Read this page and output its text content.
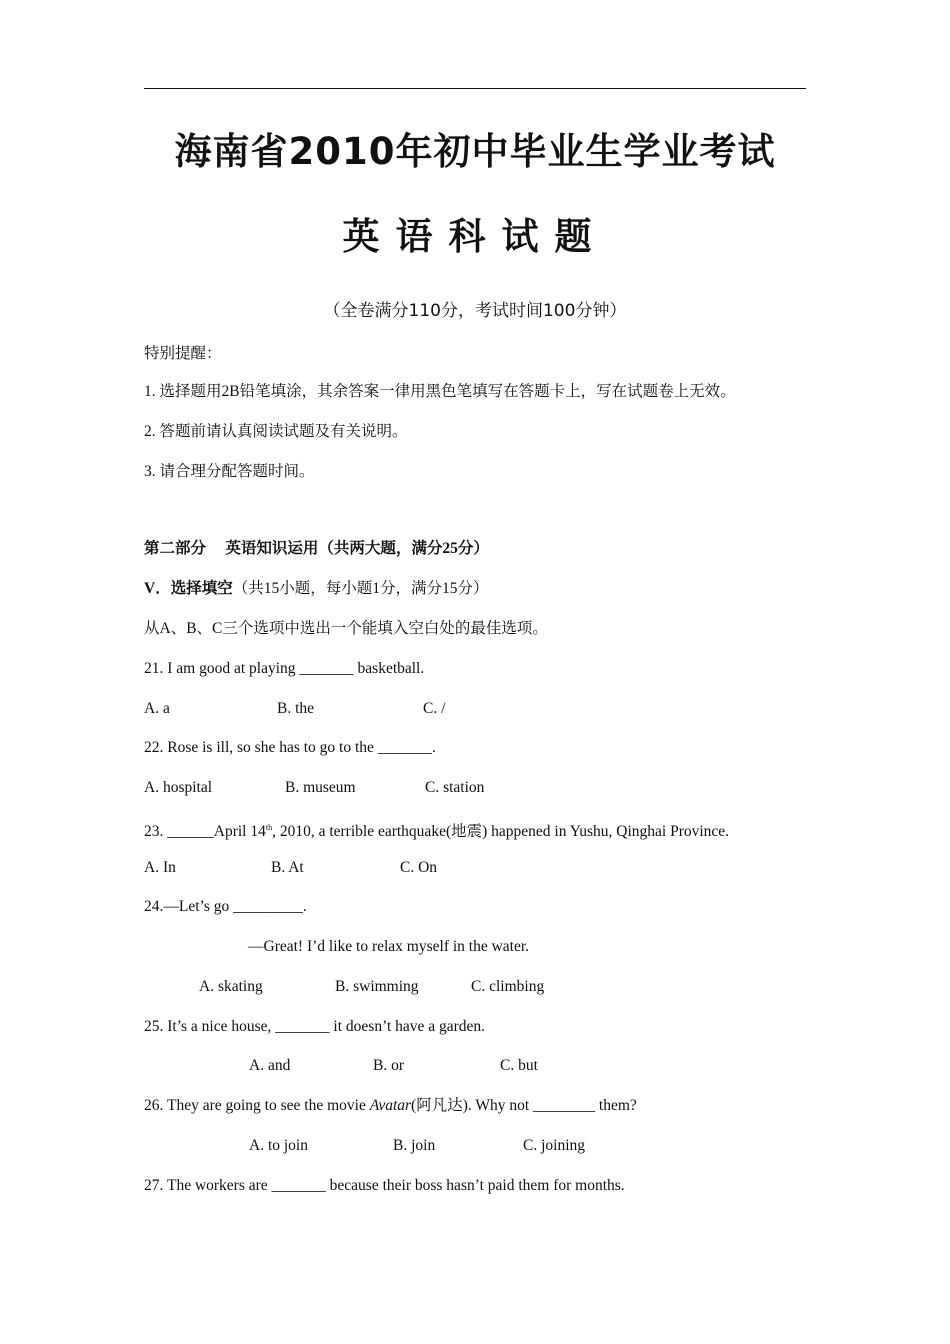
海南省2010年初中毕业生学业考试
英语科试题
（全卷满分110分，考试时间100分钟）
特别提醒：
1. 选择题用2B铅笔填涂，其余答案一律用黑色笔填写在答题卡上，写在试题卷上无效。
2. 答题前请认真阅读试题及有关说明。
3. 请合理分配答题时间。
第二部分　 英语知识运用（共两大题，满分25分）
V．选择填空（共15小题，每小题1分，满分15分）
从A、B、C三个选项中选出一个能填入空白处的最佳选项。
21. I am good at playing _______ basketball.
A. a	B. the	C. /
22. Rose is ill, so she has to go to the _______.
A. hospital	B. museum	C. station
23. ______April 14th, 2010, a terrible earthquake(地震) happened in Yushu, Qinghai Province.
A. In	B. At	C. On
24.—Let’s go _________.
—Great! I’d like to relax myself in the water.
A. skating	B. swimming	C. climbing
25. It’s a nice house, _______ it doesn’t have a garden.
A. and	B. or	C. but
26. They are going to see the movie Avatar(阿凡达). Why not ________ them?
A. to join	B. join	C. joining
27. The workers are _______ because their boss hasn’t paid them for months.
